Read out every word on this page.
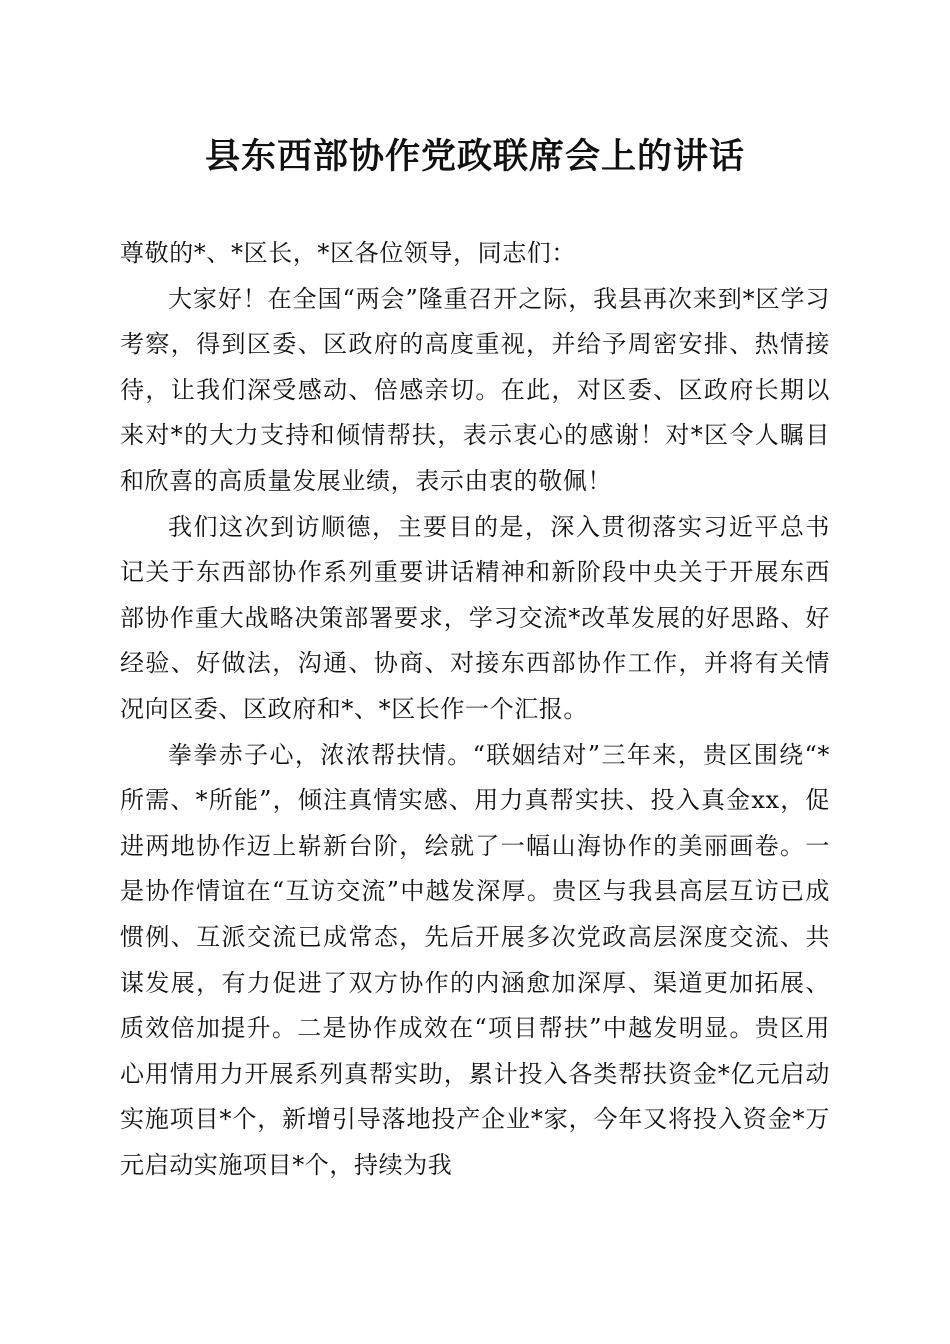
县东西部协作党政联席会上的讲话

尊敬的*、*区长，*区各位领导，同志们：

大家好！在全国“两会”隆重召开之际，我县再次来到*区学习考察，得到区委、区政府的高度重视，并给予周密安排、热情接待，让我们深受感动、倍感亲切。在此，对区委、区政府长期以来对*的大力支持和倾情帮扶，表示衷心的感谢！对*区令人瞩目和欣喜的高质量发展业绩，表示由衷的敬佩！

我们这次到访顺德，主要目的是，深入贯彻落实习近平总书记关于东西部协作系列重要讲话精神和新阶段中央关于开展东西部协作重大战略决策部署要求，学习交流*改革发展的好思路、好经验、好做法，沟通、协商、对接东西部协作工作，并将有关情况向区委、区政府和*、*区长作一个汇报。

拳拳赤子心，浓浓帮扶情。“联姻结对”三年来，贵区围绕“*所需、*所能”，倾注真情实感、用力真帮实扶、投入真金xx，促进两地协作迈上崭新台阶，绘就了一幅山海协作的美丽画卷。一是协作情谊在“互访交流”中越发深厚。贵区与我县高层互访已成惯例、互派交流已成常态，先后开展多次党政高层深度交流、共谋发展，有力促进了双方协作的内涵愈加深厚、渠道更加拓展、质效倍加提升。二是协作成效在“项目帮扶”中越发明显。贵区用心用情用力开展系列真帮实助，累计投入各类帮扶资金*亿元启动实施项目*个，新增引导落地投产企业*家，今年又将投入资金*万元启动实施项目*个，持续为我
